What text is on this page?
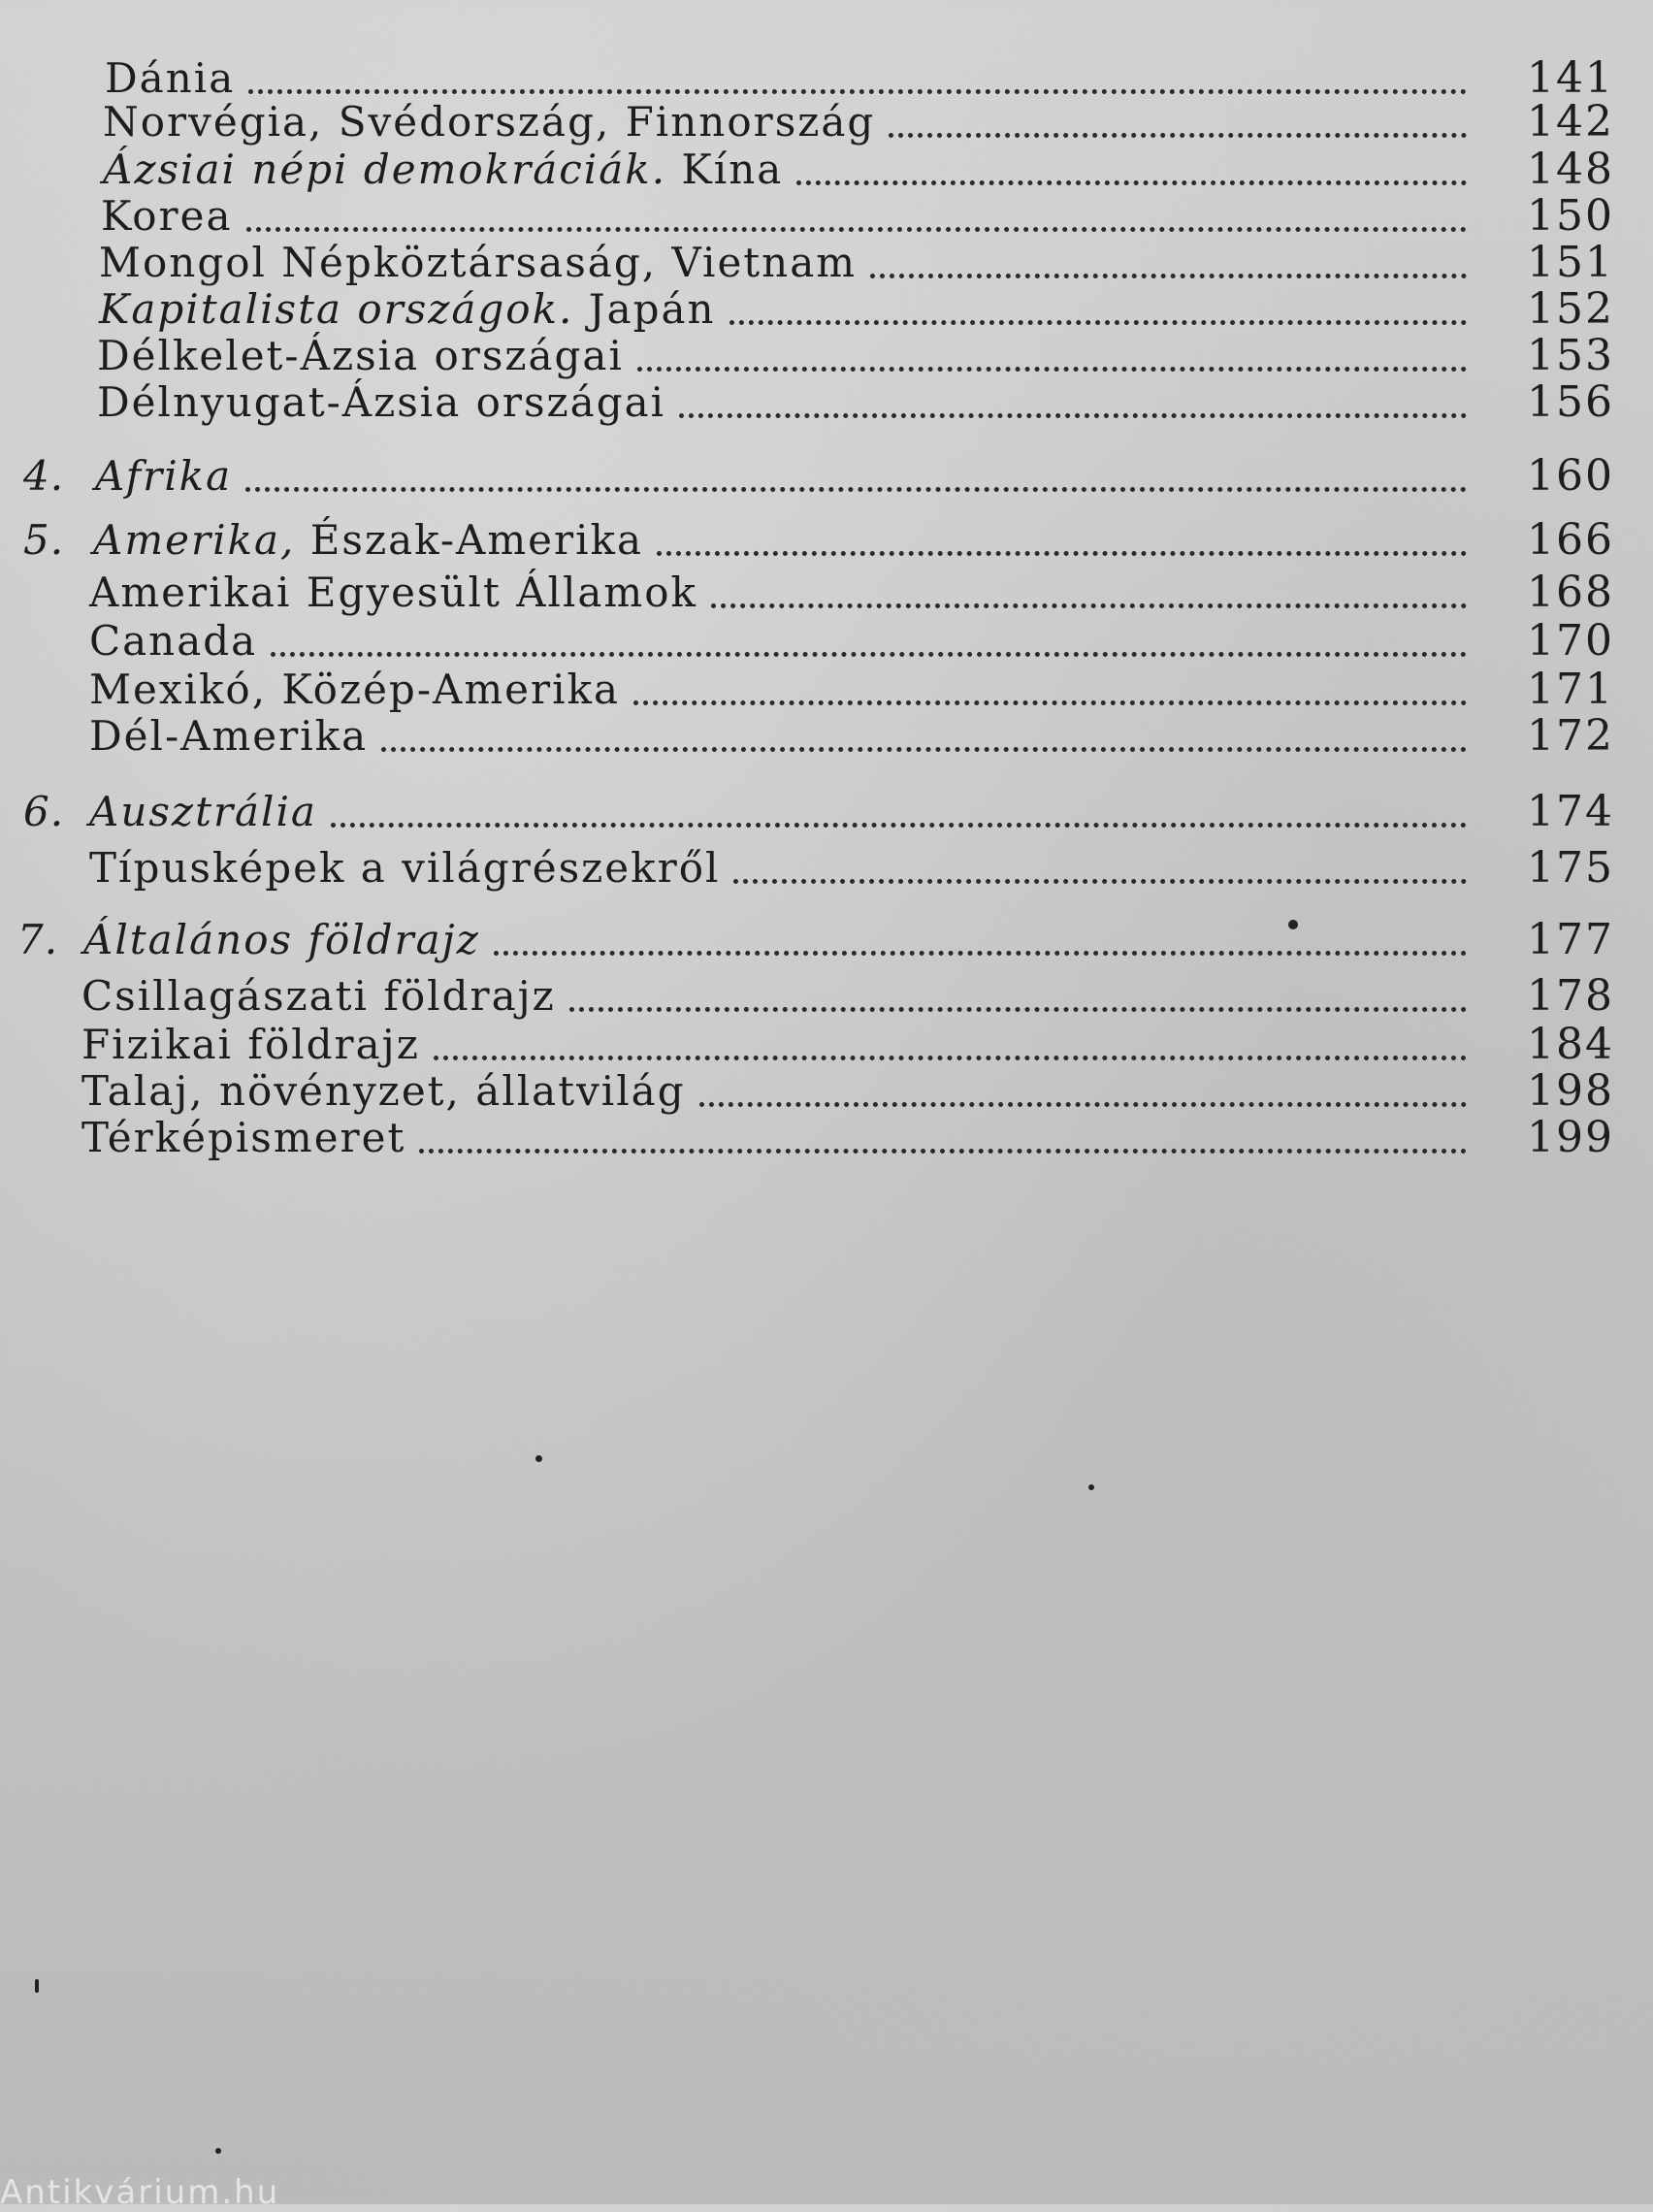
Dánia	141
Norvégia, Svédország, Finnország	142
Ázsiai népi demokráciák. Kína	148
Korea	150
Mongol Népköztársaság, Vietnam	151
Kapitalista országok. Japán	152
Délkelet-Ázsia országai	153
Délnyugat-Ázsia országai	156
4. Afrika	160
5. Amerika, Észak-Amerika	166
Amerikai Egyesült Államok	168
Canada	170
Mexikó, Közép-Amerika	171
Dél-Amerika	172
6. Ausztrália	174
Típusképek a világrészekről	175
7. Általános földrajz	177
Csillagászati földrajz	178
Fizikai földrajz	184
Talaj, növényzet, állatvilág	198
Térképismeret	199
Antikvárium.hu
